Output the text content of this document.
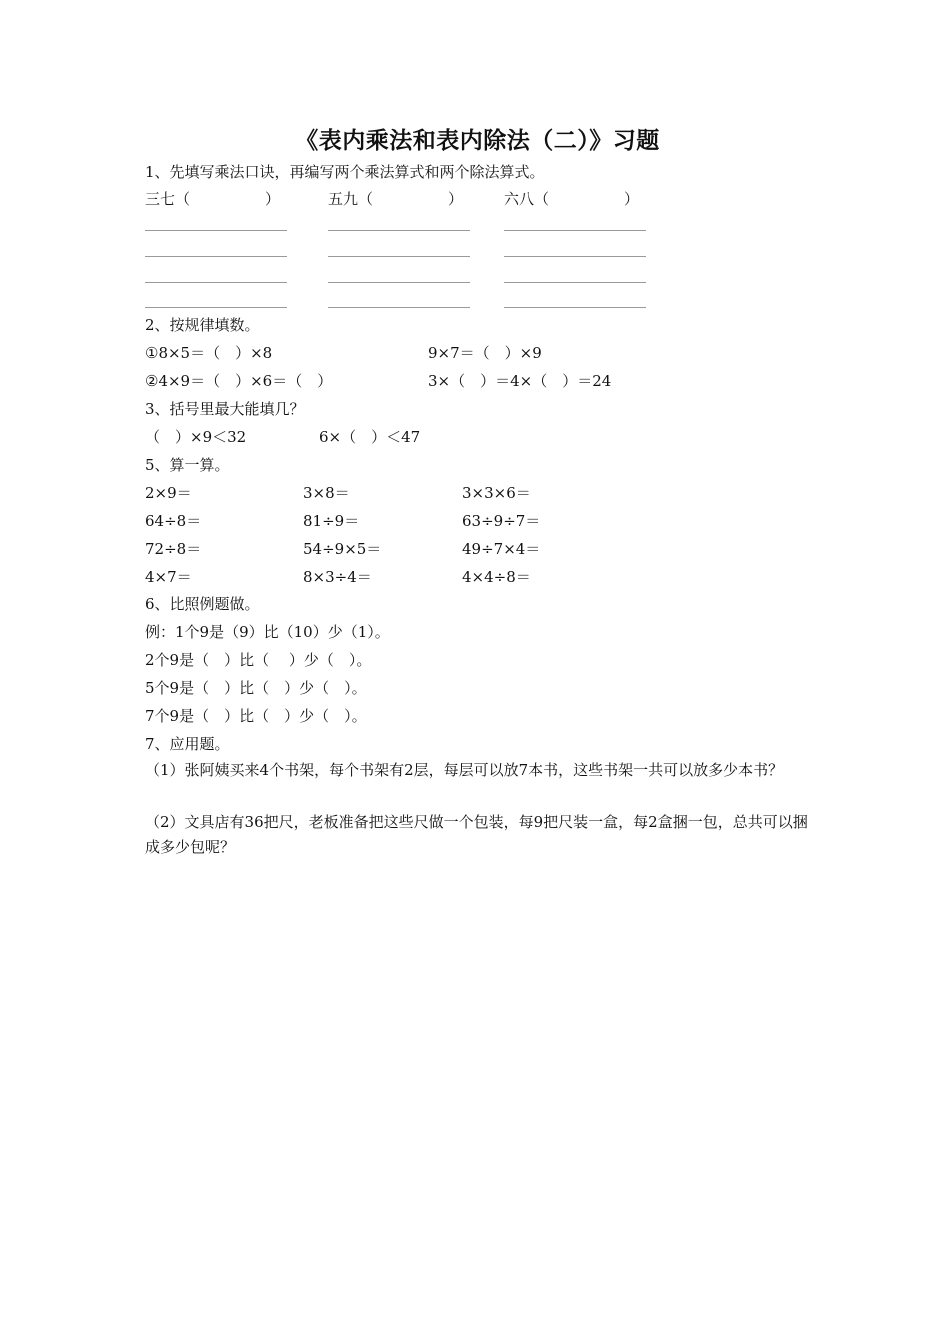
《表内乘法和表内除法（二）》习题
1、先填写乘法口诀，再编写两个乘法算式和两个除法算式。
三七（　　　　　）	五九（　　　　　）	六八（　　　　　）
2、按规律填数。
①8×5＝（　）×8	9×7＝（　）×9
②4×9＝（　）×6＝（　）	3×（　）＝4×（　）＝24
3、括号里最大能填几？
（　）×9＜32	6×（　）＜47
5、算一算。
2×9＝	3×8＝	3×3×6＝
64÷8＝	81÷9＝	63÷9÷7＝
72÷8＝	54÷9×5＝	49÷7×4＝
4×7＝	8×3÷4＝	4×4÷8＝
6、比照例题做。
例：1个9是（9）比（10）少（1）。
2个9是（　）比（　 ）少（　）。
5个9是（　）比（　）少（　）。
7个9是（　）比（　）少（　）。
7、应用题。
（1）张阿姨买来4个书架，每个书架有2层，每层可以放7本书，这些书架一共可以放多少本书？
（2）文具店有36把尺，老板准备把这些尺做一个包装，每9把尺装一盒，每2盒捆一包，总共可以捆成多少包呢？
